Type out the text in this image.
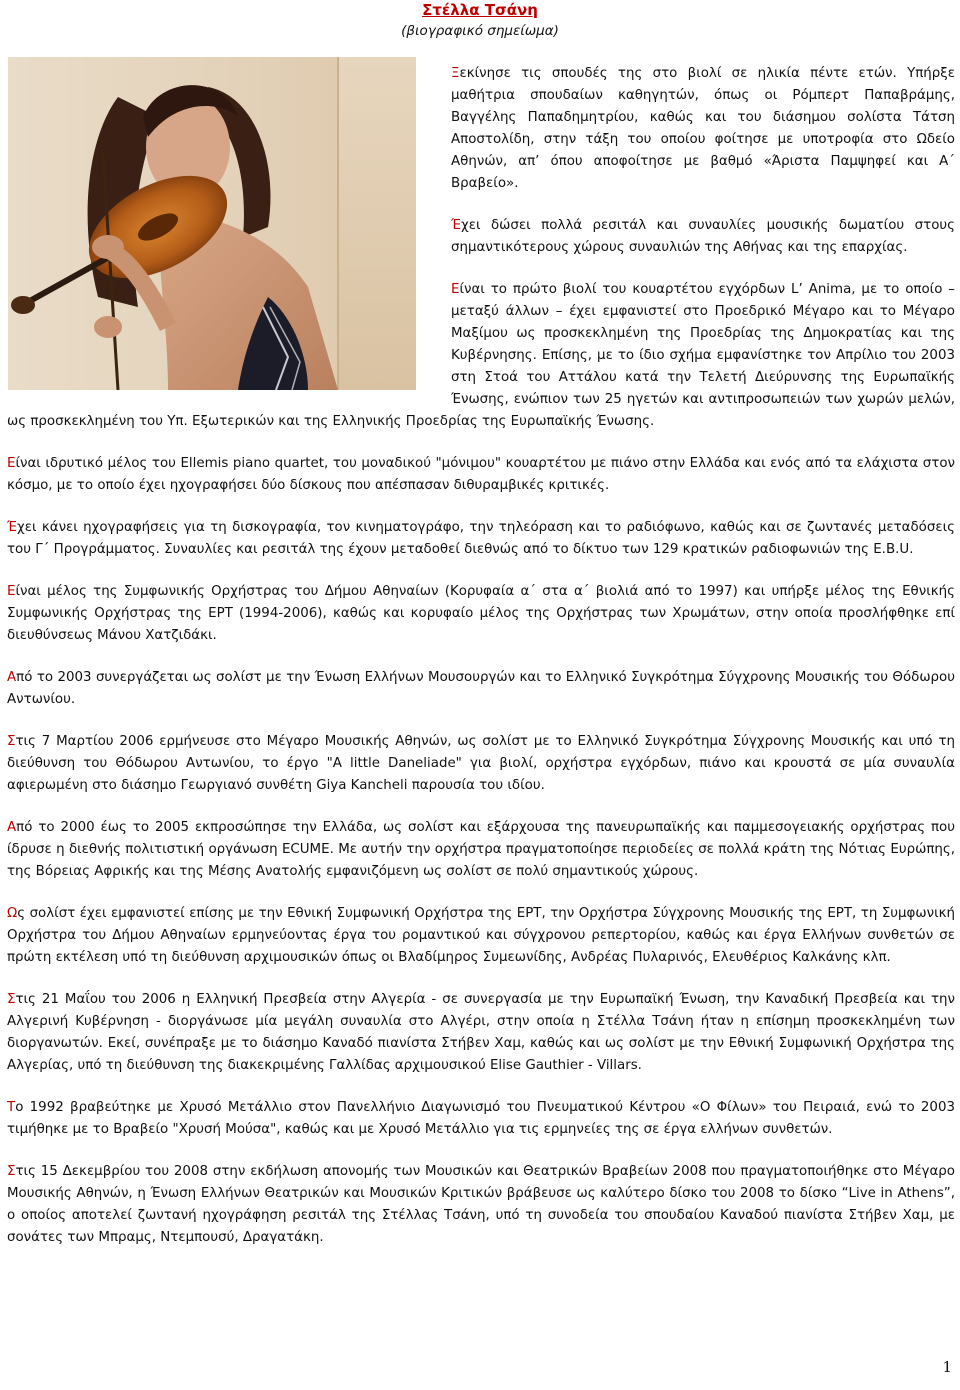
Στέλλα Τσάνη
(βιογραφικό σημείωμα)

Ξεκίνησε τις σπουδές της στο βιολί σε ηλικία πέντε ετών. Υπήρξε μαθήτρια σπουδαίων καθηγητών, όπως οι Ρόμπερτ Παπαβράμης, Βαγγέλης Παπαδημητρίου, καθώς και του διάσημου σολίστα Τάτση Αποστολίδη, στην τάξη του οποίου φοίτησε με υποτροφία στο Ωδείο Αθηνών, απ’ όπου αποφοίτησε με βαθμό «Άριστα Παμψηφεί και Α΄ Βραβείο».

Έχει δώσει πολλά ρεσιτάλ και συναυλίες μουσικής δωματίου στους σημαντικότερους χώρους συναυλιών της Αθήνας και της επαρχίας.

Είναι το πρώτο βιολί του κουαρτέτου εγχόρδων L’ Anima, με το οποίο – μεταξύ άλλων – έχει εμφανιστεί στο Προεδρικό Μέγαρο και το Μέγαρο Μαξίμου ως προσκεκλημένη της Προεδρίας της Δημοκρατίας και της Κυβέρνησης. Επίσης, με το ίδιο σχήμα εμφανίστηκε τον Απρίλιο του 2003 στη Στοά του Αττάλου κατά την Τελετή Διεύρυνσης της Ευρωπαϊκής Ένωσης, ενώπιον των 25 ηγετών και αντιπροσωπειών των χωρών μελών, ως προσκεκλημένη του Υπ. Εξωτερικών και της Ελληνικής Προεδρίας της Ευρωπαϊκής Ένωσης.

Είναι ιδρυτικό μέλος του Ellemis piano quartet, του μοναδικού "μόνιμου" κουαρτέτου με πιάνο στην Ελλάδα και ενός από τα ελάχιστα στον κόσμο, με το οποίο έχει ηχογραφήσει δύο δίσκους που απέσπασαν διθυραμβικές κριτικές.

Έχει κάνει ηχογραφήσεις για τη δισκογραφία, τον κινηματογράφο, την τηλεόραση και το ραδιόφωνο, καθώς και σε ζωντανές μεταδόσεις του Γ΄ Προγράμματος. Συναυλίες και ρεσιτάλ της έχουν μεταδοθεί διεθνώς από το δίκτυο των 129 κρατικών ραδιοφωνιών της Ε.Β.U.

Είναι μέλος της Συμφωνικής Ορχήστρας του Δήμου Αθηναίων (Κορυφαία α΄ στα α΄ βιολιά από το 1997) και υπήρξε μέλος της Εθνικής Συμφωνικής Ορχήστρας της ΕΡΤ (1994-2006), καθώς και κορυφαίο μέλος της Ορχήστρας των Χρωμάτων, στην οποία προσλήφθηκε επί διευθύνσεως Μάνου Χατζιδάκι.

Από το 2003 συνεργάζεται ως σολίστ με την Ένωση Ελλήνων Μουσουργών και το Ελληνικό Συγκρότημα Σύγχρονης Μουσικής του Θόδωρου Αντωνίου.

Στις 7 Μαρτίου 2006 ερμήνευσε στο Μέγαρο Μουσικής Αθηνών, ως σολίστ με το Ελληνικό Συγκρότημα Σύγχρονης Μουσικής και υπό τη διεύθυνση του Θόδωρου Αντωνίου, το έργο "A little Daneliade" για βιολί, ορχήστρα εγχόρδων, πιάνο και κρουστά σε μία συναυλία αφιερωμένη στο διάσημο Γεωργιανό συνθέτη Giya Kancheli παρουσία του ιδίου.

Από το 2000 έως το 2005 εκπροσώπησε την Ελλάδα, ως σολίστ και εξάρχουσα της πανευρωπαϊκής και παμμεσογειακής ορχήστρας που ίδρυσε η διεθνής πολιτιστική οργάνωση ECUME. Με αυτήν την ορχήστρα πραγματοποίησε περιοδείες σε πολλά κράτη της Νότιας Ευρώπης, της Βόρειας Αφρικής και της Μέσης Ανατολής εμφανιζόμενη ως σολίστ σε πολύ σημαντικούς χώρους.

Ως σολίστ έχει εμφανιστεί επίσης με την Εθνική Συμφωνική Ορχήστρα της ΕΡΤ, την Ορχήστρα Σύγχρονης Μουσικής της ΕΡΤ, τη Συμφωνική Ορχήστρα του Δήμου Αθηναίων ερμηνεύοντας έργα του ρομαντικού και σύγχρονου ρεπερτορίου, καθώς και έργα Ελλήνων συνθετών σε πρώτη εκτέλεση υπό τη διεύθυνση αρχιμουσικών όπως οι Βλαδίμηρος Συμεωνίδης, Ανδρέας Πυλαρινός, Ελευθέριος Καλκάνης κλπ.

Στις 21 Μαΐου του 2006 η Ελληνική Πρεσβεία στην Αλγερία - σε συνεργασία με την Ευρωπαϊκή Ένωση, την Καναδική Πρεσβεία και την Αλγερινή Κυβέρνηση - διοργάνωσε μία μεγάλη συναυλία στο Αλγέρι, στην οποία η Στέλλα Τσάνη ήταν η επίσημη προσκεκλημένη των διοργανωτών. Εκεί, συνέπραξε με το διάσημο Καναδό πιανίστα Στήβεν Χαμ, καθώς και ως σολίστ με την Εθνική Συμφωνική Ορχήστρα της Αλγερίας, υπό τη διεύθυνση της διακεκριμένης Γαλλίδας αρχιμουσικού Elise Gauthier - Villars.

Το 1992 βραβεύτηκε με Χρυσό Μετάλλιο στον Πανελλήνιο Διαγωνισμό του Πνευματικού Κέντρου «Ο Φίλων» του Πειραιά, ενώ το 2003 τιμήθηκε με το Βραβείο "Χρυσή Μούσα", καθώς και με Χρυσό Μετάλλιο για τις ερμηνείες της σε έργα ελλήνων συνθετών.

Στις 15 Δεκεμβρίου του 2008 στην εκδήλωση απονομής των Μουσικών και Θεατρικών Βραβείων 2008 που πραγματοποιήθηκε στο Μέγαρο Μουσικής Αθηνών, η Ένωση Ελλήνων Θεατρικών και Μουσικών Κριτικών βράβευσε ως καλύτερο δίσκο του 2008 το δίσκο “Live in Athens”, ο οποίος αποτελεί ζωντανή ηχογράφηση ρεσιτάλ της Στέλλας Τσάνη, υπό τη συνοδεία του σπουδαίου Καναδού πιανίστα Στήβεν Χαμ, με σονάτες των Μπραμς, Ντεμπουσύ, Δραγατάκη.

1
